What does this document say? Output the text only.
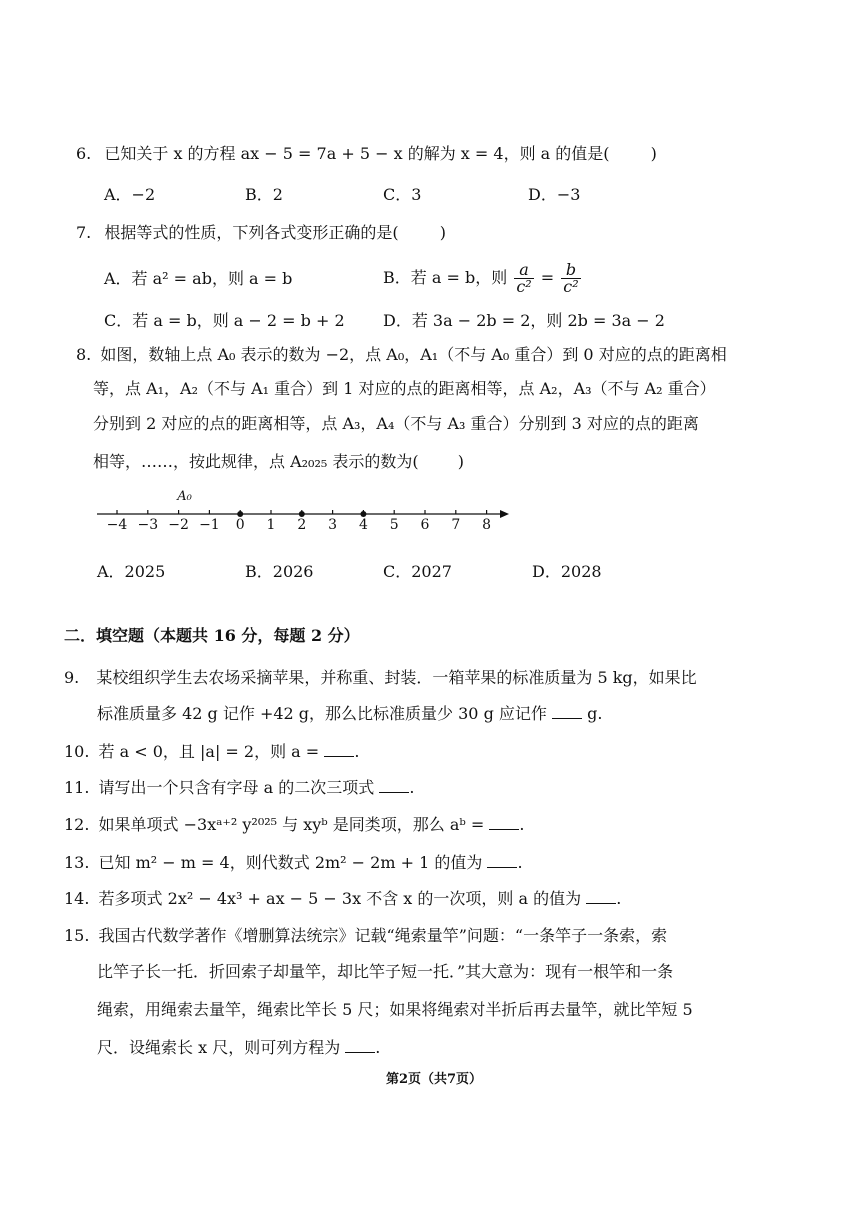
6. 已知关于 x 的方程 ax − 5 = 7a + 5 − x 的解为 x = 4，则 a 的值是(	)
A．−2	B．2	C．3	D．−3
7. 根据等式的性质，下列各式变形正确的是(	)
A．若 a² = ab，则 a = b	B．若 a = b，则 $\frac{a}{\text{c²}} = \frac{b}{\text{c²}}$
C．若 a = b，则 a − 2 = b + 2 D．若 3a − 2b = 2，则 2b = 3a − 2
8. 如图，数轴上点 A₀ 表示的数为 −2，点 A₀，A₁（不与 A₀ 重合）到 0 对应的点的距离相
等，点 A₁，A₂（不与 A₁ 重合）到 1 对应的点的距离相等，点 A₂，A₃（不与 A₂ 重合）
分别到 2 对应的点的距离相等，点 A₃，A₄（不与 A₃ 重合）分别到 3 对应的点的距离
相等，……，按此规律，点 A₂₀₂₅ 表示的数为( )
A₀
−4 −3 −2 −1 0 1 2 3 4 5 6 7 8
A．2025	B．2026	C．2027	D．2028
二．填空题（本题共 16 分，每题 2 分）
9. 某校组织学生去农场采摘苹果，并称重、封装．一箱苹果的标准质量为 5 kg，如果比
标准质量多 42 g 记作 +42 g，那么比标准质量少 30 g 应记作	g.
10. 若 a < 0，且 |a| = 2，则 a = .
11. 请写出一个只含有字母 a 的二次三项式 .
12. 如果单项式 −3xᵃ⁺² y²⁰²⁵ 与 xyᵇ 是同类项，那么 aᵇ = .
13. 已知 m² − m = 4，则代数式 2m² − 2m + 1 的值为 .
14. 若多项式 2x² − 4x³ + ax − 5 − 3x 不含 x 的一次项，则 a 的值为 .
15. 我国古代数学著作《增删算法统宗》记载“绳索量竿”问题：“一条竿子一条索，索
比竿子长一托．折回索子却量竿，却比竿子短一托．”其大意为：现有一根竿和一条
绳索，用绳索去量竿，绳索比竿长 5 尺；如果将绳索对半折后再去量竿，就比竿短 5
尺．设绳索长 x 尺，则可列方程为 .
第2页（共7页）
